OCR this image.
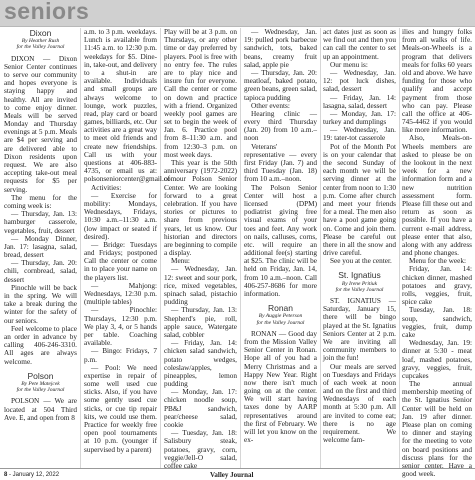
seniors
Dixon
By Heather Rush
for the Valley Journal

DIXON — Dixon Senior Center continues to serve our community and hopes everyone is staying happy and healthy. All are invited to come enjoy dinner. Meals will be served Monday and Thursday evenings at 5 p.m. Meals are $4 per serving and are delivered able to Dixon residents upon request. We are also accepting take-out meal requests for $5 per serving.

The menu for the coming week is:

— Thursday, Jan. 13: hamburger casserole, vegetables, fruit, dessert

— Monday Dinner, Jan. 17: lasagna, salad, bread, dessert

— Thursday, Jan. 20: chili, cornbread, salad, dessert

Pinochle will be back in the spring. We will take a break during the winter for the safety of our seniors.

Feel welcome to place an order in advance by calling 406-246-3310. All ages are always welcome.

Polson
By Pete Matejcek
for the Valley Journal

POLSON — We are located at 504 Third Ave. E, and open from 8

a.m. to 3 p.m. weekdays. Lunch is available from 11:45 a.m. to 12:30 p.m. weekdays for $5. Dine-in, take-out, and delivery to a shut-in are available. Individuals and small groups are always welcome to lounge, work puzzles, read, play card or board games, billiards, etc. Our activities are a great way to meet old friends and create new friendships. Call us with your questions at 406-883-4735, or email us at: polsonseniorcenter@gmail.com.

Activities:

— Exercise for mobility: Mondays, Wednesdays, Fridays, 10:30 a.m.–11:30 a.m. (low impact or seated if desired).

— Bridge: Tuesdays and Fridays; postponed Call the center or come in to place your name on the players list.

— Mahjong: Wednesdays, 12:30 p.m. (multiple tables)

— Pinochle: Thursdays, 12:30 p.m. We play 3, 4, or 5 hands per table. Coaching available.

— Bingo: Fridays, 7 p.m.

— Pool: We need expertise in repair of some well used cue sticks. Also, if you have some gently used cue sticks, or cue tip repair kits, we could use them. Practice for weekly free open pool tournaments at 10 p.m. (younger if supervised by a parent)

Play will be at 3 p.m. on Thursdays, or any other time or day preferred by players. Pool is free with no entry fee. The rules are to play nice and insure fun for everyone. Call the center or come on down and practice with a friend. Organized weekly pool games are set to begin the week of Jan. 6. Practice pool from 8–11:30 a.m. and from 12:30–3 p.m. on most week days.

This year is the 50th anniversary (1972-2022) of our Polson Senior Center. We are looking forward to a great celebration. If you have stories or pictures to share from previous years, let us know. Our historian and directors are beginning to compile a display.

Menu:

— Wednesday, Jan. 12: sweet and sour pork, rice, mixed vegetables, spinach salad, pistachio pudding

— Thursday, Jan. 13: Shepherd's pie, roll, apple sauce, Watergate salad, cobbler

— Friday, Jan. 14: chicken salad sandwich, potato wedges, coleslaw/apples, pineapples, lemon pudding

— Monday, Jan. 17: chicken noodle soup, PB&J sandwich, pear/cheese salad, cookie

— Tuesday, Jan. 18: Salisbury steak, potatoes, gravy, corn, veggie/Jell-O salad, coffee cake

— Wednesday, Jan. 19: pulled pork barbecue sandwich, tots, baked beans, creamy fruit salad, apple pie

— Thursday, Jan. 20: meatloaf, baked potato, green beans, green salad, tapioca pudding

Other events:

Hearing clinic — every third Thursday (Jan. 20) from 10 a.m.–noon

Veterans' representative — every first Friday (Jan. 7) and third Tuesday (Jan. 18) from 10 a.m.–noon.

The Polson Senior Center will host a licensed (DPM) podiatrist giving free visual exams of your toes and feet. Any work on nails, calluses, corns, etc. will require an additional fee(s) starting at $25. The clinic will be held on Friday, Jan. 14, from 10 a.m.–noon. Call 406-257-8686 for more information.

Ronan
By Auggie Peterson
for the Valley Journal

RONAN — Good day from the Mission Valley Senior Center in Ronan. Hope all of you had a Merry Christmas and a Happy New Year. Right now there isn't much going on at the center. We will start having taxes done by AARP representatives around the first of February. We will let you know on the ex-

act dates just as soon as we find out and then you can call the center to set up an appointment.

Our menu is:

— Wednesday, Jan. 12: pot luck dishes, salad, dessert

— Friday, Jan. 14: lasagna, salad, dessert

— Monday, Jan. 17: turkey and dumplings

— Wednesday, Jan. 19: tater-tot casserole

Pot of the Month Pot is on your calendar that the second Sunday of each month we will be serving dinner at the center from noon to 1:30 p.m. Come after church and meet your friends for a meal. The men also have a pool game going on. Come and join them. Please be careful out there in all the snow and drive careful.

See you at the center.

St. Ignatius
By Irene Pritiuk
for the Valley Journal

ST. IGNATIUS — Saturday, January 15, there will be bingo played at the St. Ignatius Seniors Center at 2 p.m. We are inviting all community members to join the fun!

Our meals are served on Tuesdays and Fridays of each week at noon and on the first and third Wednesdays of each month at 5:30 p.m. All are invited to come eat; there is no age requirement. We welcome fam-

ilies and hungry folks from all walks of life. Meals-on-Wheels is a program that delivers meals for folks 60 years old and above. We have funding for those who qualify and accept payment from those who can pay. Please call the office at 406-745-4462 if you would like more information.

Also, Meals-on-Wheels members are asked to please be on the lookout in the next week for a new information form and a new nutrition assessment form. Please fill these out and return as soon as possible. If you have a current e-mail address, please enter that also, along with any address and phone changes.

Menu for the week:

Friday, Jan. 14: chicken dinner, mashed potatoes and gravy, rolls, veggies, fruit, spice cake

Tuesday, Jan. 18: soup, sandwich, veggies, fruit, dump cake

Wednesday, Jan. 19: dinner at 5:30 - meat loaf, mashed potatoes, gravy, veggies, fruit, cupcakes

The annual membership meeting of the St. Ignatius Senior Center will be held on Jan. 19 after dinner. Please plan on coming to dinner and staying for the meeting to vote on board positions and discuss plans for the senior center. Have a good week.

8 - January 12, 2022	Valley Journal
